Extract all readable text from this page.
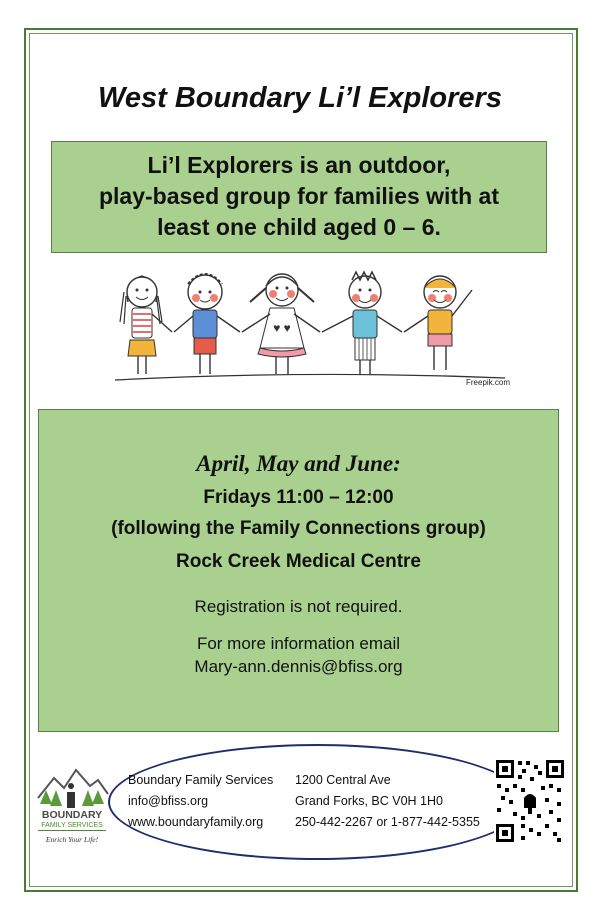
West Boundary Li’l Explorers
Li’l Explorers is an outdoor,
play-based group for families with at
least one child aged 0 – 6.
♥ ♥
Freepik.com
April, May and June:
Fridays 11:00 – 12:00
(following the Family Connections group)
Rock Creek Medical Centre
Registration is not required.
For more information email
Mary-ann.dennis@bfiss.org
BOUNDARY
FAMILY SERVICES
Enrich Your Life!
Boundary Family Services
info@bfiss.org
www.boundaryfamily.org
1200 Central Ave
Grand Forks, BC V0H 1H0
250-442-2267 or 1-877-442-5355
